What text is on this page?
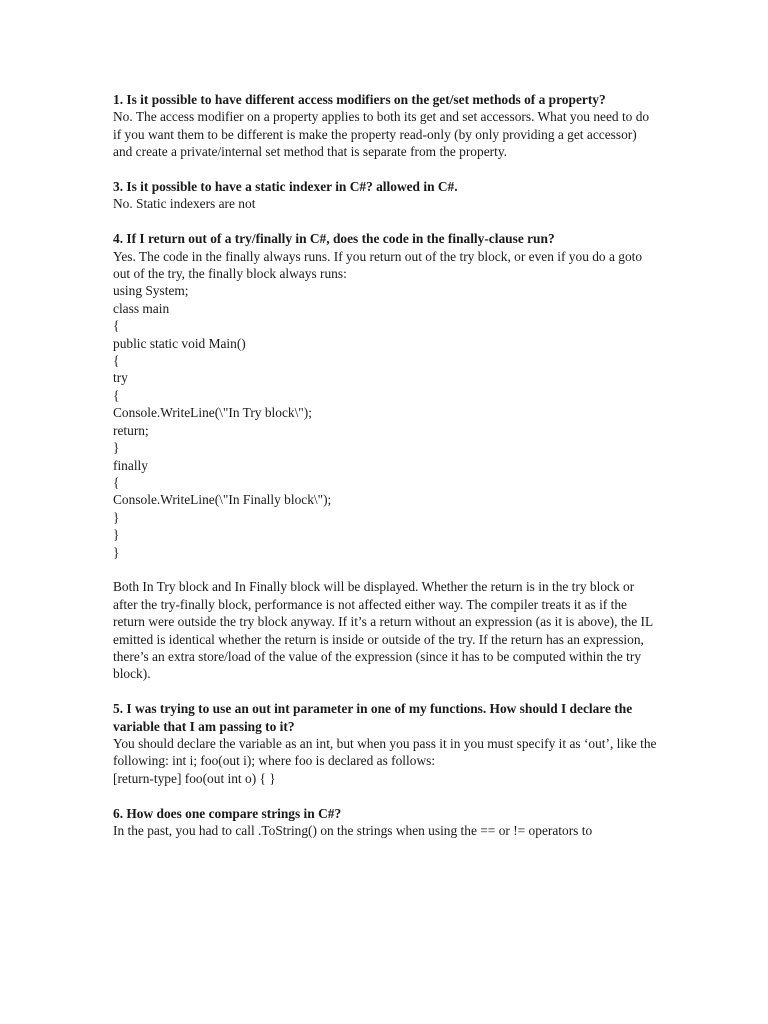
1. Is it possible to have different access modifiers on the get/set methods of a property?

No. The access modifier on a property applies to both its get and set accessors. What you need to do if you want them to be different is make the property read-only (by only providing a get accessor) and create a private/internal set method that is separate from the property.

3. Is it possible to have a static indexer in C#? allowed in C#.

No. Static indexers are not

4. If I return out of a try/finally in C#, does the code in the finally-clause run?

Yes. The code in the finally always runs. If you return out of the try block, or even if you do a goto out of the try, the finally block always runs:

using System;

class main

{

public static void Main()

{

try

{

Console.WriteLine(\"In Try block\");

return;

}

finally

{

Console.WriteLine(\"In Finally block\");

}

}

}

Both In Try block and In Finally block will be displayed. Whether the return is in the try block or after the try-finally block, performance is not affected either way. The compiler treats it as if the return were outside the try block anyway. If it’s a return without an expression (as it is above), the IL emitted is identical whether the return is inside or outside of the try. If the return has an expression, there’s an extra store/load of the value of the expression (since it has to be computed within the try block).

5. I was trying to use an out int parameter in one of my functions. How should I declare the variable that I am passing to it?

You should declare the variable as an int, but when you pass it in you must specify it as ‘out’, like the following: int i; foo(out i); where foo is declared as follows:

[return-type] foo(out int o) { }

6. How does one compare strings in C#?

In the past, you had to call .ToString() on the strings when using the == or != operators to
